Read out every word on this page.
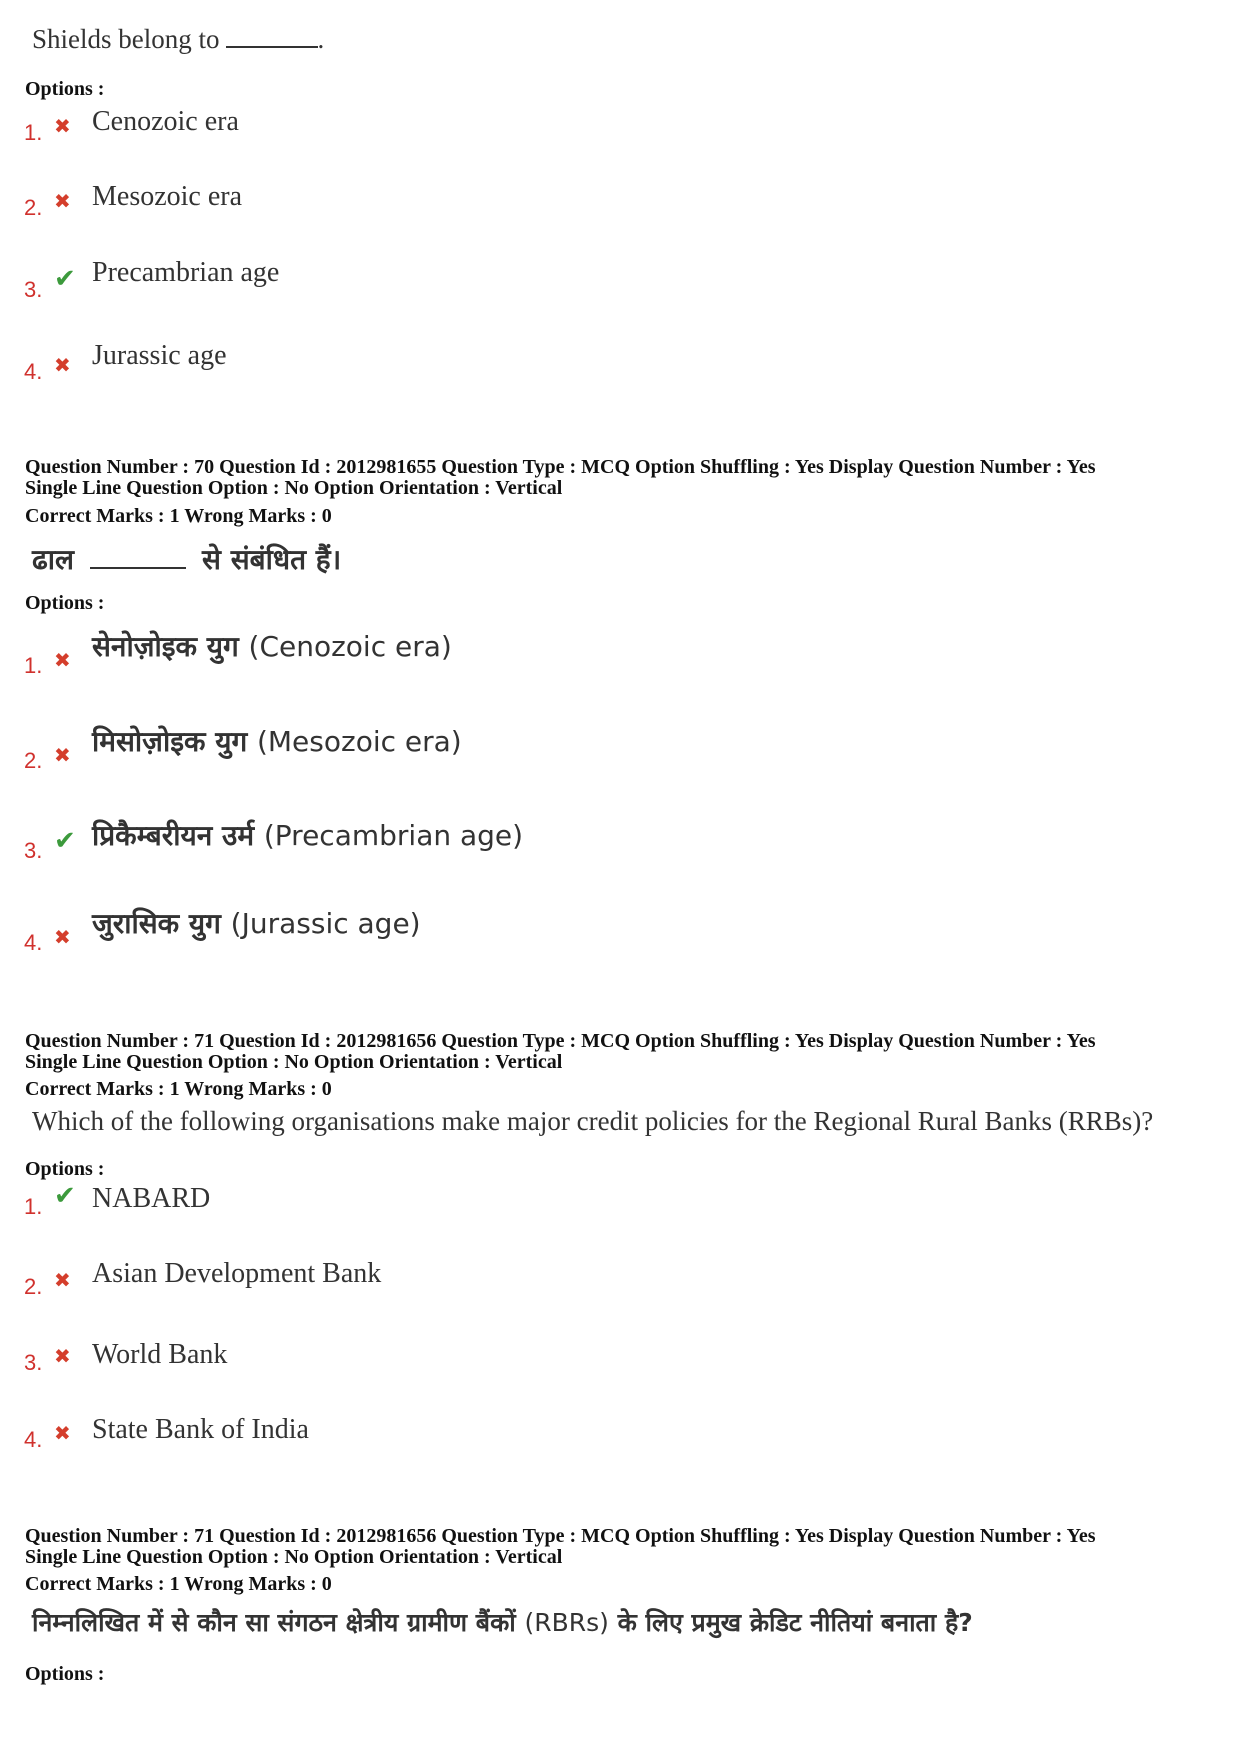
Shields belong to	.
Options :
1. ✖ Cenozoic era
2. ✖ Mesozoic era
3. ✔ Precambrian age
4. ✖ Jurassic age
Question Number : 70 Question Id : 2012981655 Question Type : MCQ Option Shuffling : Yes Display Question Number : Yes
Single Line Question Option : No Option Orientation : Vertical
Correct Marks : 1 Wrong Marks : 0
ढाल	से संबंधित हैं।
Options :
1. ✖ सेनोज़ोइक युग (Cenozoic era)
2. ✖ मिसोज़ोइक युग (Mesozoic era)
3. ✔ प्रिकैम्बरीयन उर्म (Precambrian age)
4. ✖ जुरासिक युग (Jurassic age)
Question Number : 71 Question Id : 2012981656 Question Type : MCQ Option Shuffling : Yes Display Question Number : Yes
Single Line Question Option : No Option Orientation : Vertical
Correct Marks : 1 Wrong Marks : 0
Which of the following organisations make major credit policies for the Regional Rural Banks (RRBs)?
Options :
1. ✔ NABARD
2. ✖ Asian Development Bank
3. ✖ World Bank
4. ✖ State Bank of India
Question Number : 71 Question Id : 2012981656 Question Type : MCQ Option Shuffling : Yes Display Question Number : Yes
Single Line Question Option : No Option Orientation : Vertical
Correct Marks : 1 Wrong Marks : 0
निम्नलिखित में से कौन सा संगठन क्षेत्रीय ग्रामीण बैंकों (RBRs) के लिए प्रमुख क्रेडिट नीतियां बनाता है?
Options :
